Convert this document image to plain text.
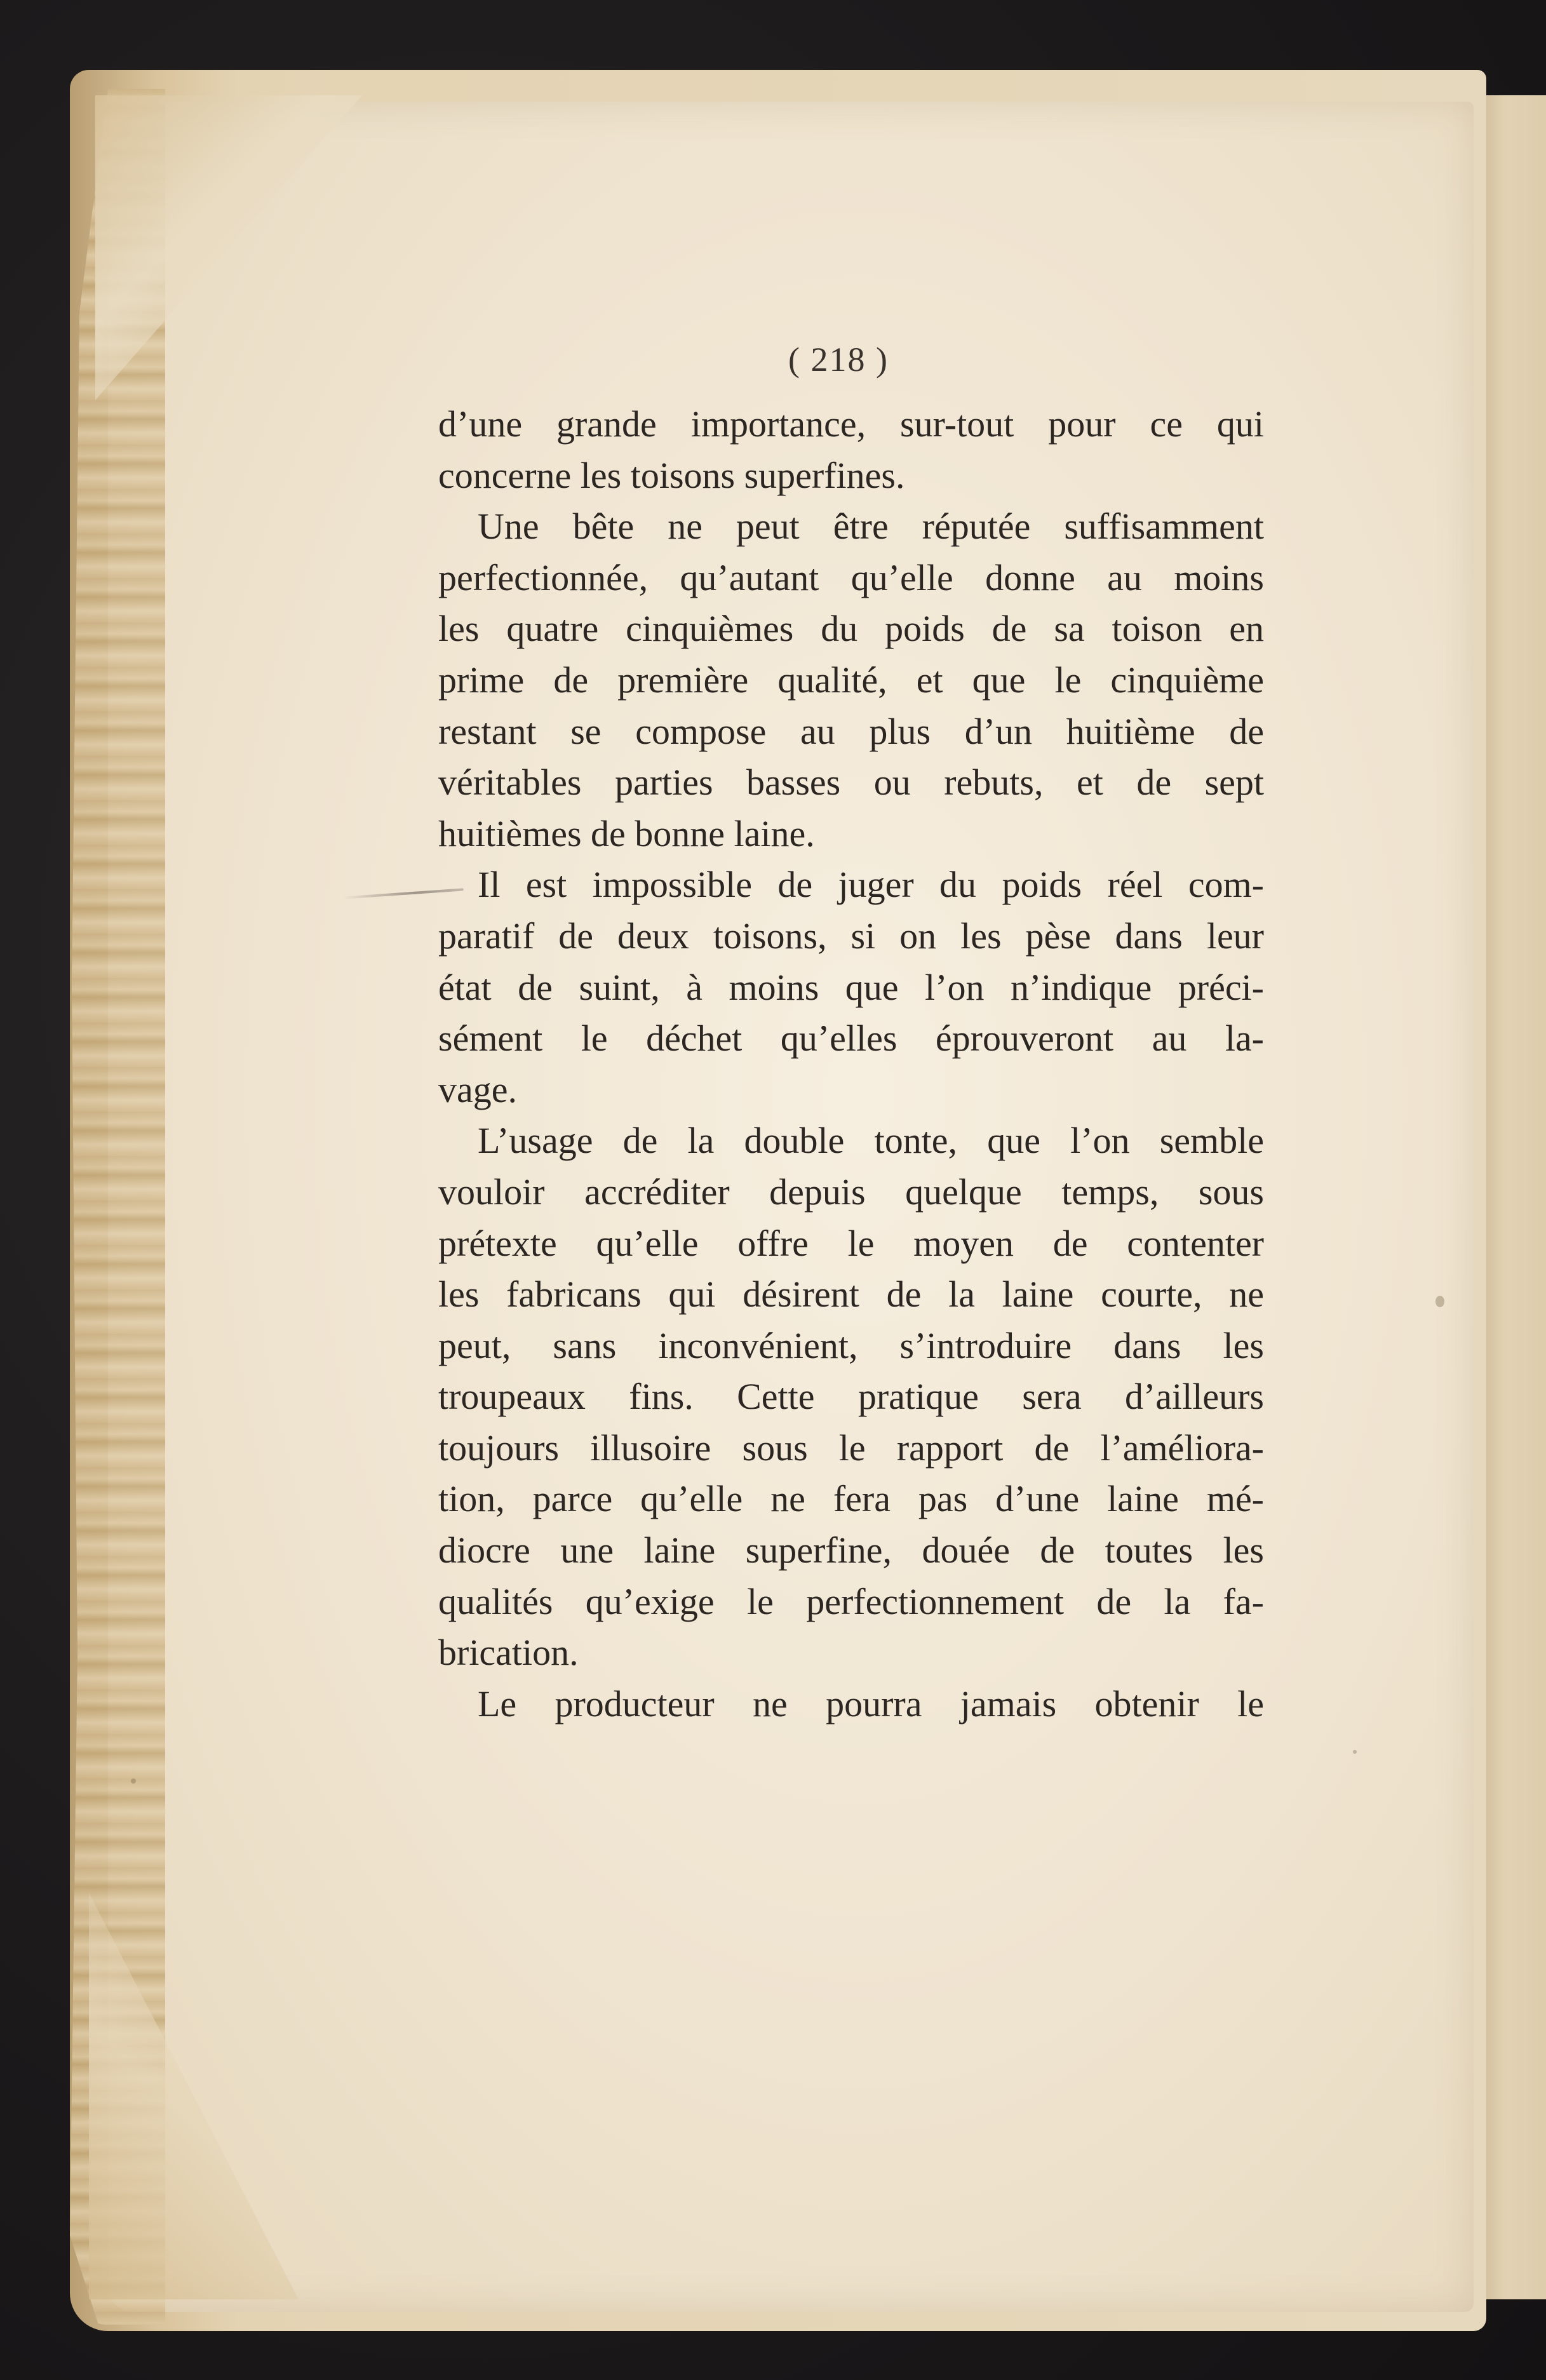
( 218 )
d’une grande importance, sur-tout pour ce qui
concerne les toisons superfines.
Une bête ne peut être réputée suffisamment
perfectionnée, qu’autant qu’elle donne au moins
les quatre cinquièmes du poids de sa toison en
prime de première qualité, et que le cinquième
restant se compose au plus d’un huitième de
véritables parties basses ou rebuts, et de sept
huitièmes de bonne laine.
Il est impossible de juger du poids réel com-
paratif de deux toisons, si on les pèse dans leur
état de suint, à moins que l’on n’indique préci-
sément le déchet qu’elles éprouveront au la-
vage.
L’usage de la double tonte, que l’on semble
vouloir accréditer depuis quelque temps, sous
prétexte qu’elle offre le moyen de contenter
les fabricans qui désirent de la laine courte, ne
peut, sans inconvénient, s’introduire dans les
troupeaux fins. Cette pratique sera d’ailleurs
toujours illusoire sous le rapport de l’améliora-
tion, parce qu’elle ne fera pas d’une laine mé-
diocre une laine superfine, douée de toutes les
qualités qu’exige le perfectionnement de la fa-
brication.
Le producteur ne pourra jamais obtenir le
